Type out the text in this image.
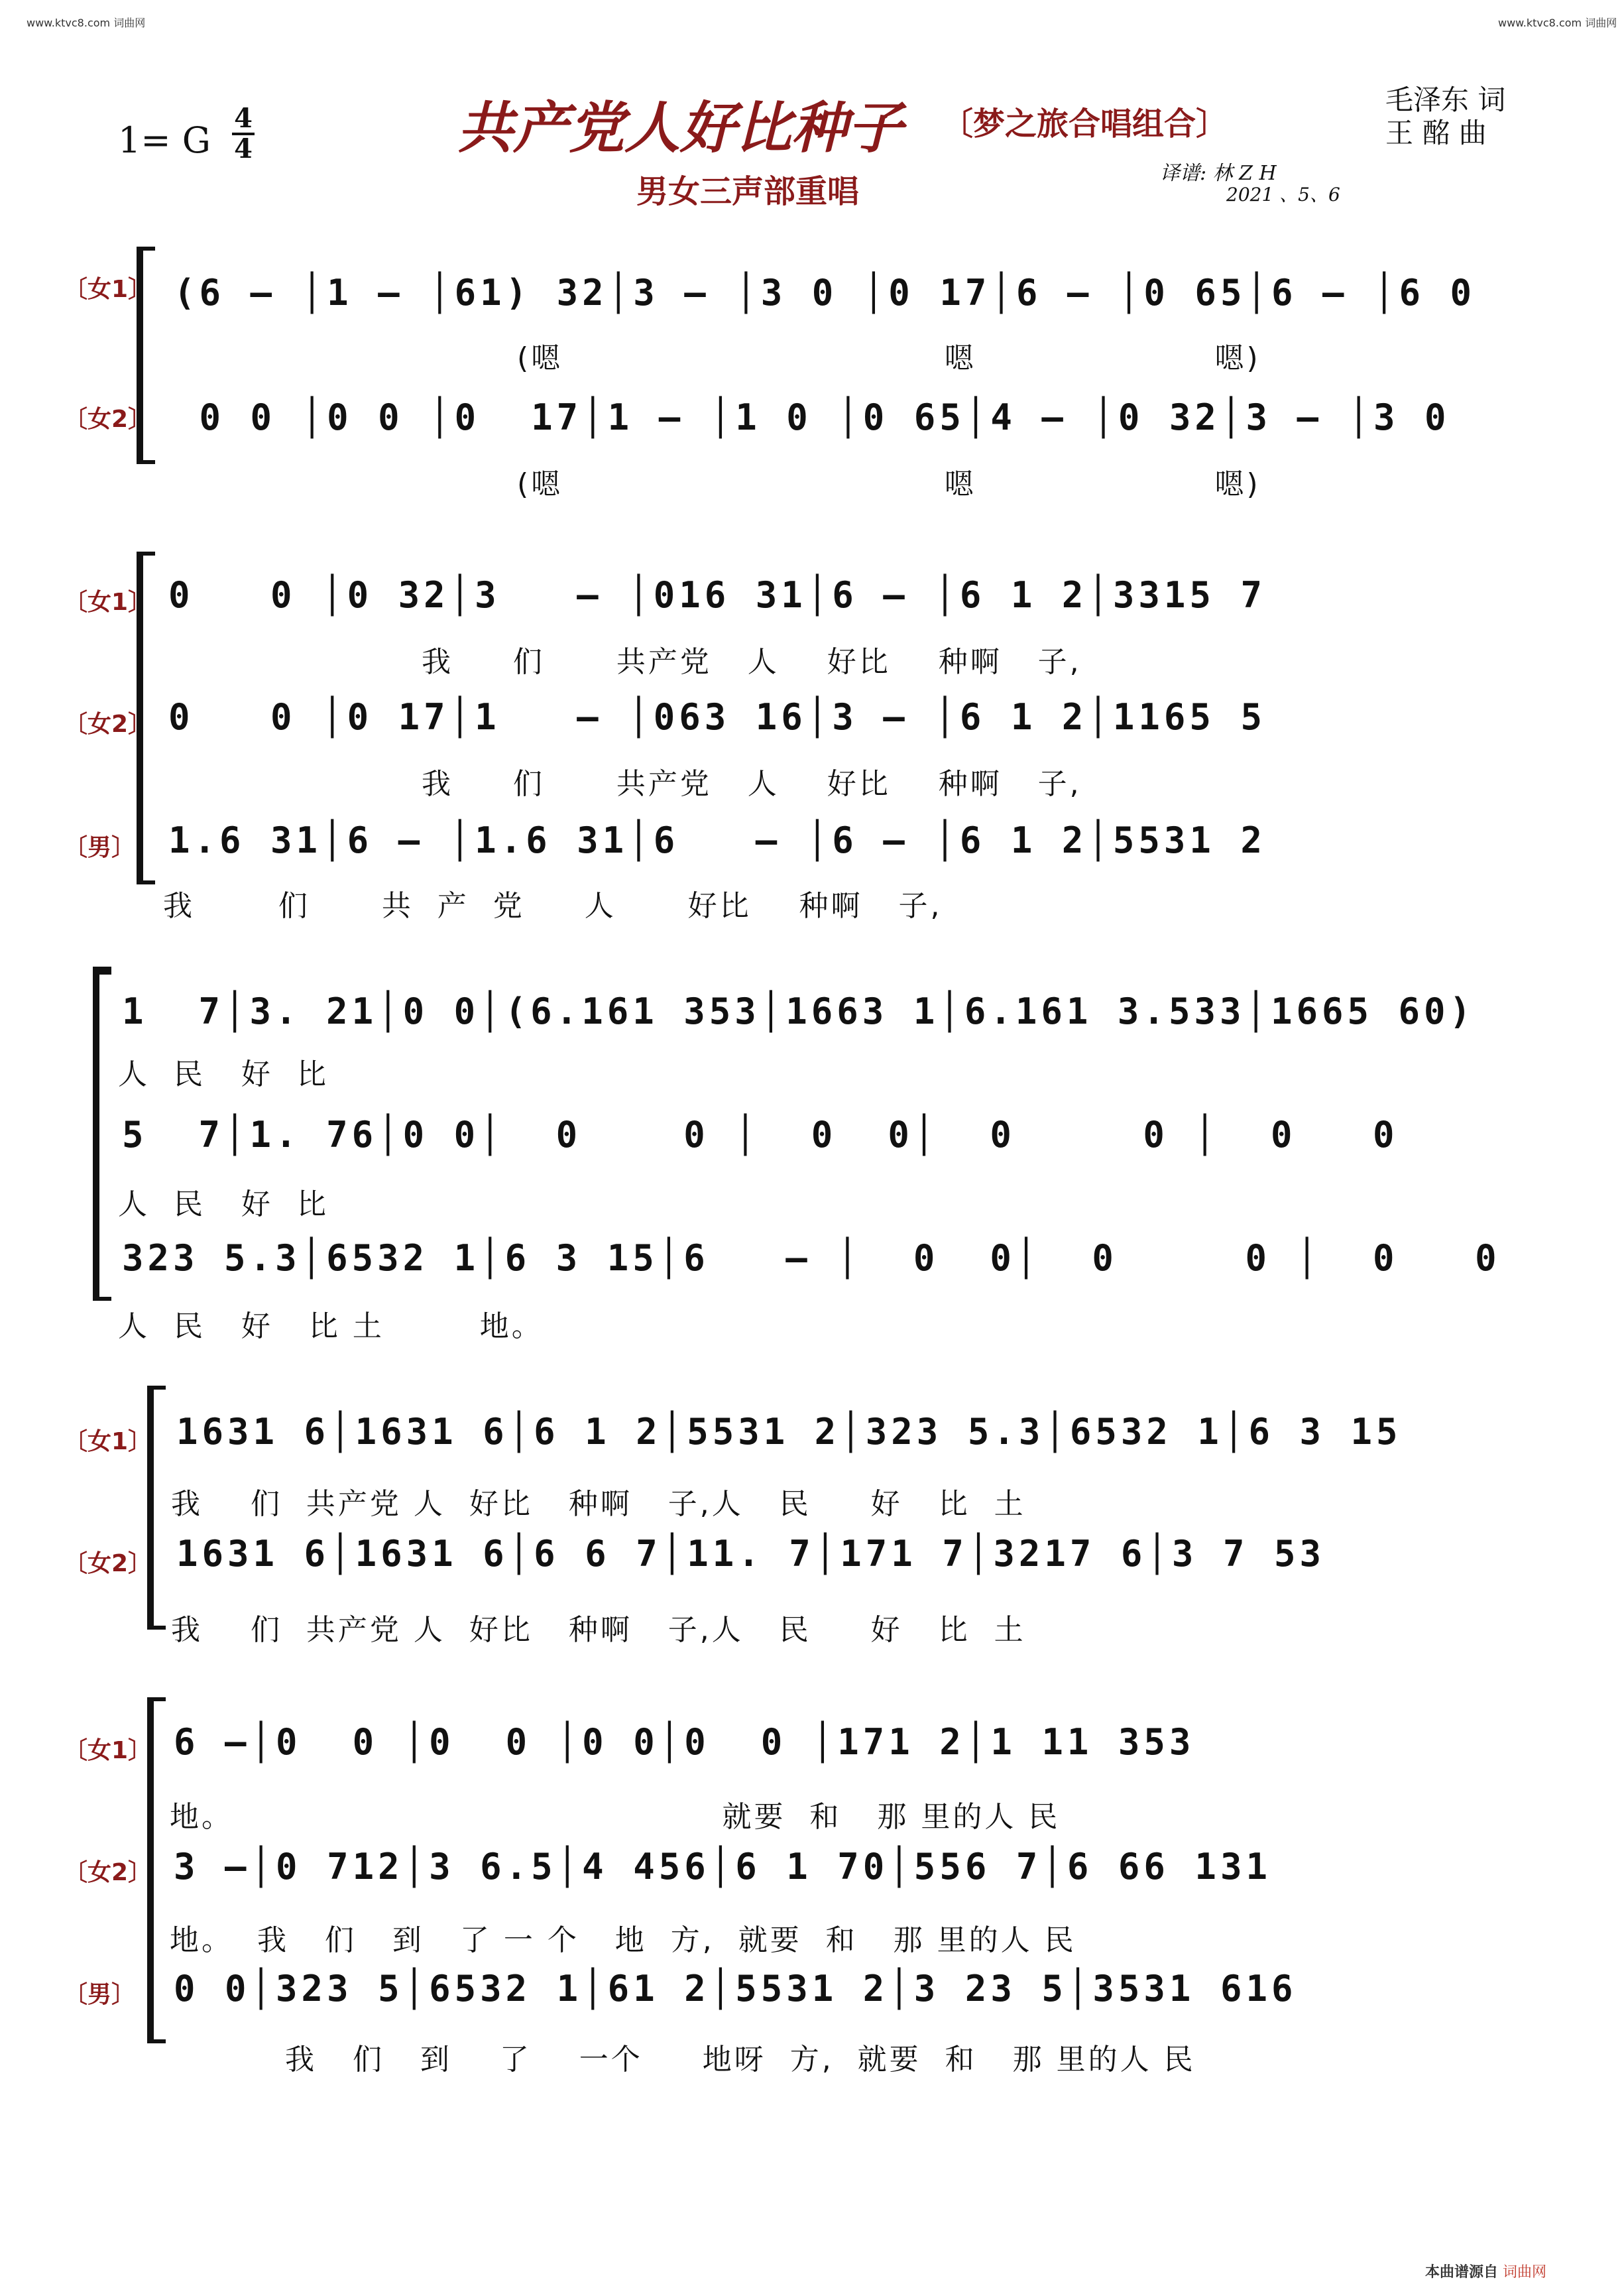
www.ktvc8.com 词曲网	www.ktvc8.com 词曲网
1= G
4
4	共产党人好比种子 〔梦之旅合唱组合〕
男女三声部重唱
毛泽东 词
王 酩 曲
译谱: 林 Z H
2021 、5、6
〔女1〕
〔女2〕
(6 – │1 – │61) 32│3 – │3 0 │0 17│6 – │0 65│6 – │6 0
(嗯                                嗯                    嗯)
0 0 │0 0 │0  17│1 – │1 0 │0 65│4 – │0 32│3 – │3 0
(嗯                                嗯                    嗯)
〔女1〕
〔女2〕
〔男〕
0   0 │0 32│3   – │016 31│6 – │6 1 2│3315 7
我     们      共产党   人    好比    种啊   子,
0   0 │0 17│1   – │063 16│3 – │6 1 2│1165 5
我     们      共产党   人    好比    种啊   子,
1.6 31│6 – │1.6 31│6   – │6 – │6 1 2│5531 2
我       们      共  产  党     人      好比    种啊   子,
1  7│3. 21│0 0│(6.161 353│1663 1│6.161 3.533│1665 60)
人  民   好  比
5  7│1. 76│0 0│  0    0 │  0  0│  0     0 │  0   0
人  民   好  比
323 5.3│6532 1│6 3 15│6   – │  0  0│  0     0 │  0   0
人  民   好   比 土        地。
〔女1〕
〔女2〕
1631 6│1631 6│6 1 2│5531 2│323 5.3│6532 1│6 3 15
我    们  共产党 人  好比   种啊   子,人   民     好   比  土
1631 6│1631 6│6 6 7│11. 7│171 7│3217 6│3 7 53
我    们  共产党 人  好比   种啊   子,人   民     好   比  土
〔女1〕
〔女2〕
〔男〕
6 –│0  0 │0  0 │0 0│0  0 │171 2│1 11 353
地。                                         就要  和   那 里的人 民
3 –│0 712│3 6.5│4 456│6 1 70│556 7│6 66 131
地。  我   们   到   了 一 个   地  方,  就要  和   那 里的人 民
0 0│323 5│6532 1│61 2│5531 2│3 23 5│3531 616
我   们   到    了    一个     地呀  方,  就要  和   那 里的人 民
本曲谱源自 词曲网
